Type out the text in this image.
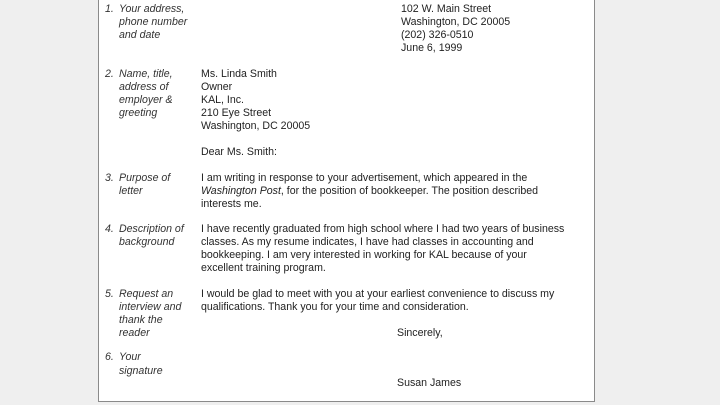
1. Your address,
phone number
and date
102 W. Main Street
Washington, DC 20005
(202) 326-0510
June 6, 1999
2. Name, title,
address of
employer &
greeting
Ms. Linda Smith
Owner
KAL, Inc.
210 Eye Street
Washington, DC 20005
Dear Ms. Smith:
3. Purpose of
letter
I am writing in response to your advertisement, which appeared in the
Washington Post, for the position of bookkeeper. The position described
interests me.
4. Description of
background
I have recently graduated from high school where I had two years of business
classes. As my resume indicates, I have had classes in accounting and
bookkeeping. I am very interested in working for KAL because of your
excellent training program.
5. Request an
interview and
thank the
reader
I would be glad to meet with you at your earliest convenience to discuss my
qualifications. Thank you for your time and consideration.
Sincerely,
6. Your
signature
Susan James
